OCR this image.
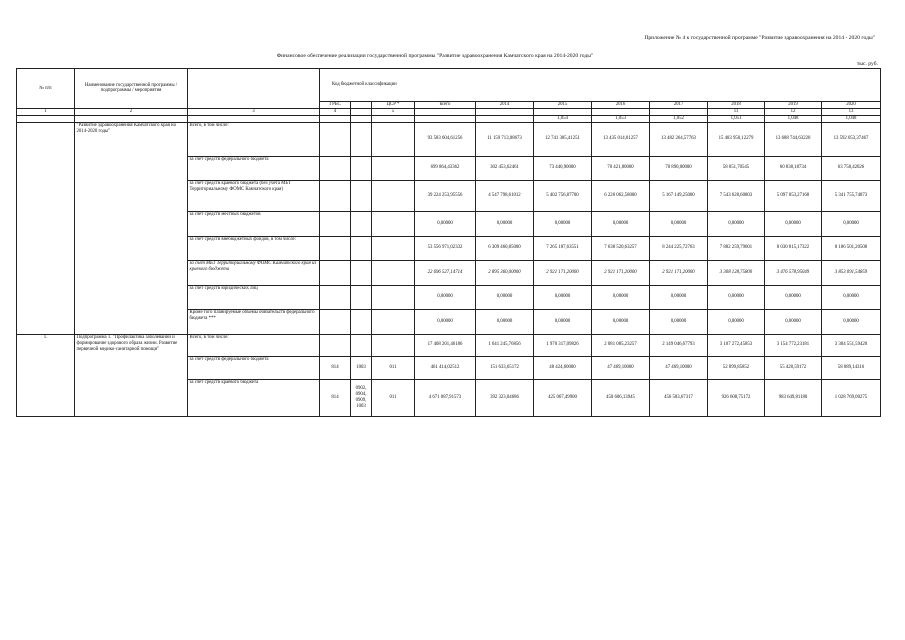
Приложение № 4 к государственной программе "Развитие здравоохранения на 2014 - 2020 годы"
Финансовое обеспечение реализации государственной программы "Развитие здравоохранения Камчатского края на 2014-2020 годы"
тыс. руб.
№ п/п	Наименование государственной программы / подпрограммы / мероприятия		Код бюджетной классификации										
			ГРБС		ЦСР *	всего	2014	2015	2016	2017	2018	2019	2020
1	2	3	4		5						11	12	13
								1,054	1,053	1,052	1,051	1,048	1,048
	"Развитие здравоохранения Камчатского края на 2014-2020 годы"	Всего, в том числе:				93 583 604,61256	11 159 713,08673	12 741 385,41251	13 435 014,01257	13 482 264,57763	15 483 950,12279	13 688 744,63220	13 592 053,37467
		за счет средств федерального бюджета				699 864,43362	302 453,62461	73 440,90000	70 421,80000	70 890,00000	58 051,70545	60 838,18734	63 758,42026
		за счет средств краевого бюджета (без учета МБТ Территориальному ФОМС Камчатского края)				39 224 253,95556	4 547 798,61012	5 402 756,87700	6 226 062,58000	5 167 149,25000	7 543 628,60803	5 097 053,27168	5 341 755,74873
		за счет средств местных бюджетов				0,00000	0,00000	0,00000	0,00000	0,00000	0,00000	0,00000	0,00000
		за счет средств внебюджетных фондов, в том числе:				53 556 971,02332	6 309 460,85000	7 265 187,63551	7 638 520,63257	8 244 225,72763	7 882 259,79601	8 030 815,17322	8 186 501,20508
		за счет МБТ Территориальному ФОМС Камчатского края из краевого бюджета				22 696 527,14714	2 895 360,00000	2 921 171,20000	2 921 171,20000	2 921 171,20000	3 308 128,75800	3 476 578,95049	3 853 091,54859
		за счет средств юридических лиц				0,00000	0,00000	0,00000	0,00000	0,00000	0,00000	0,00000	0,00000
		Кроме того планируемые объемы обязательств федерального бюджета ***				0,00000	0,00000	0,00000	0,00000	0,00000	0,00000	0,00000	0,00000
1.	Подпрограмма 1. "Профилактика заболеваний и формирование здорового образа жизни. Развитие первичной медико-санитарной помощи"	Всего, в том числе:				17 408 201,46186	1 641 245,76856	1 970 317,09826	2 081 085,23257	2 149 046,67793	3 107 272,45853	3 154 772,23181	3 304 551,59420
		за счет средств федерального бюджета	814	1003	011	461 414,02512	151 633,65172	48 424,60000	47 469,10000	47 469,10000	52 899,85852	55 428,59172	58 089,14316
		за счет средств краевого бюджета	814	0902, 0904, 0909, 1003	011	4 671 087,91573	392 323,04686	425 067,49900	450 606,13945	456 583,67317	926 608,75172	983 649,81180	1 028 769,00275
